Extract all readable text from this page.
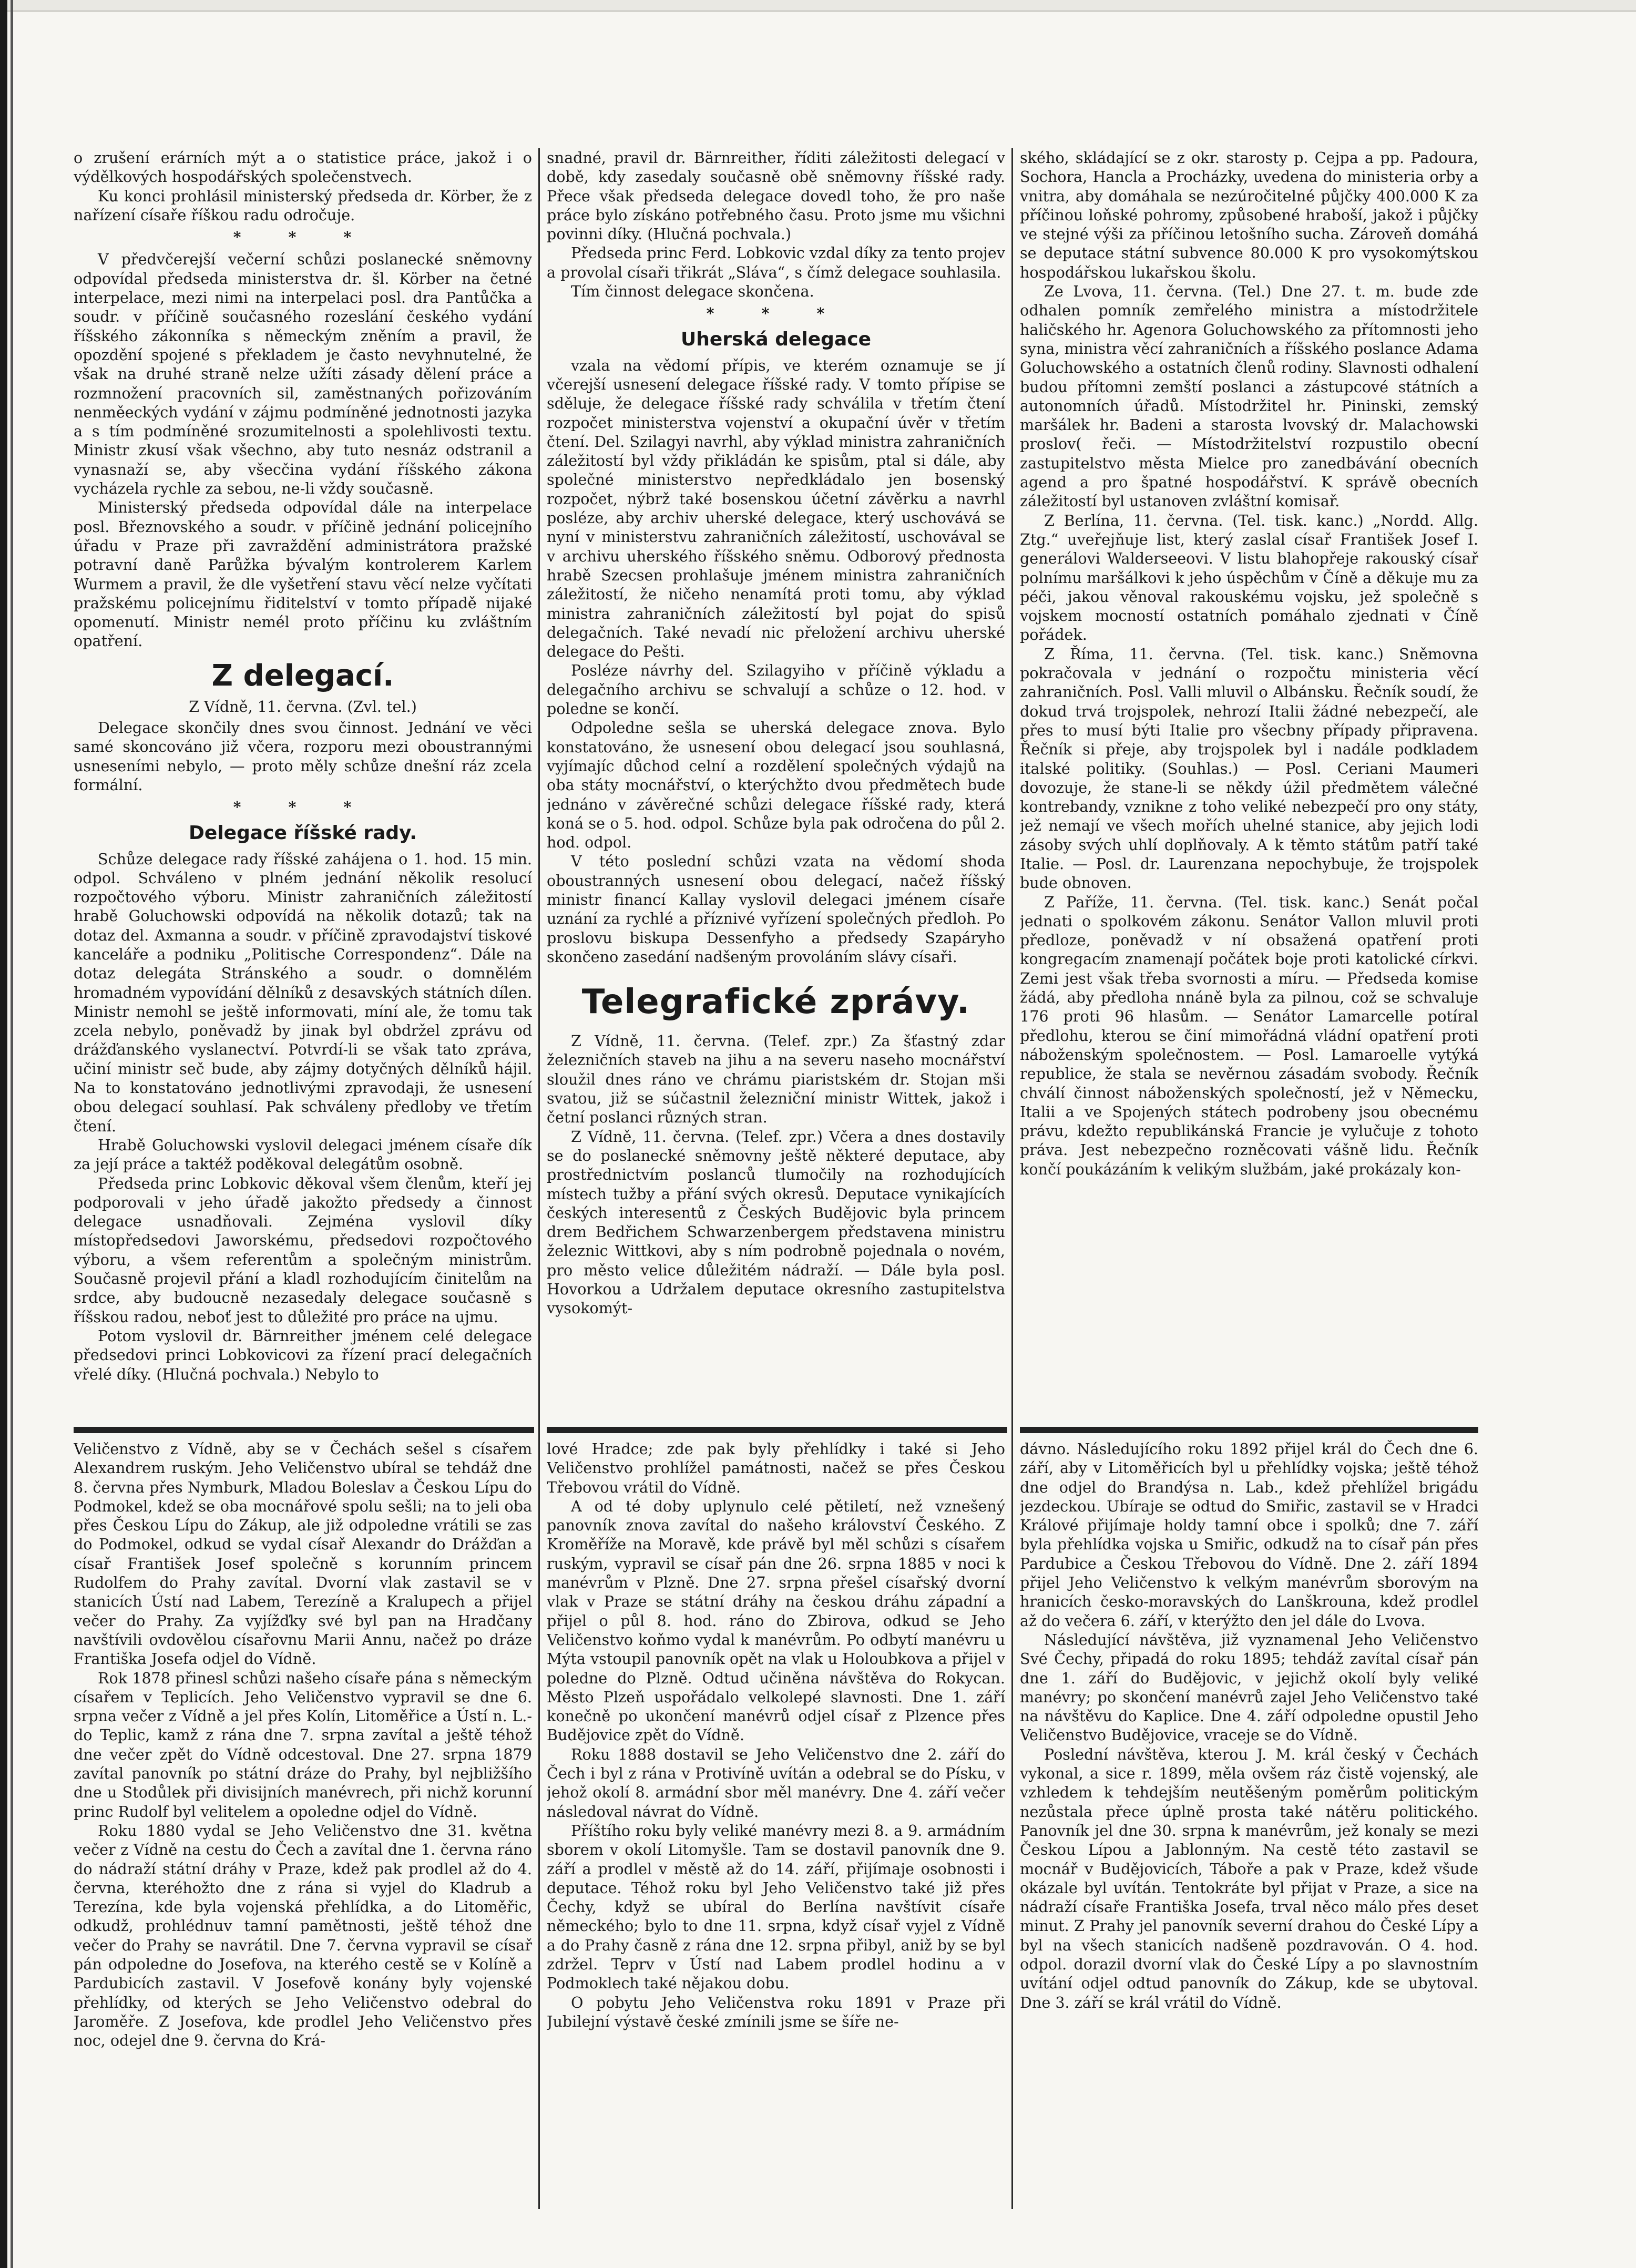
o zrušení erárních mýt a o statistice práce, jakož i o výdělkových hospodářských společenstvech.

Ku konci prohlásil ministerský předseda dr. Körber, že z nařízení císaře říškou radu odročuje.

* * *

V předvčerejší večerní schůzi poslanecké sněmovny odpovídal předseda ministerstva dr. šl. Körber na četné interpelace, mezi nimi na interpelaci posl. dra Pantůčka a soudr. v příčině současného rozeslání českého vydání říšského zákonníka s německým zněním a pravil, že opozdění spojené s překladem je často nevyhnutelné, že však na druhé straně nelze užíti zásady dělení práce a rozmnožení pracovních sil, zaměstnaných pořizováním nenměeckých vydání v zájmu podmíněné jednotnosti jazyka a s tím podmíněné srozumitelnosti a spolehlivosti textu. Ministr zkusí však všechno, aby tuto nesnáz odstranil a vynasnaží se, aby všecčina vydání říšského zákona vycházela rychle za sebou, ne-li vždy současně.

Ministerský předseda odpovídal dále na interpelace posl. Březnovského a soudr. v příčině jednání policejního úřadu v Praze při zavraždění administrátora pražské potravní daně Parůžka bývalým kontrolerem Karlem Wurmem a pravil, že dle vyšetření stavu věcí nelze vyčítati pražskému policejnímu řiditelství v tomto případě nijaké opomenutí. Ministr nemél proto příčinu ku zvláštním opatření.

Z delegací.
Z Vídně, 11. června. (Zvl. tel.)

Delegace skončily dnes svou činnost. Jednání ve věci samé skoncováno již včera, rozporu mezi oboustrannými usneseními nebylo, — proto měly schůze dnešní ráz zcela formální.

* * *
Delegace říšské rady.

Schůze delegace rady říšské zahájena o 1. hod. 15 min. odpol. Schváleno v plném jednání několik resolucí rozpočtového výboru. Ministr zahraničních záležitostí hrabě Goluchowski odpovídá na několik dotazů; tak na dotaz del. Axmanna a soudr. v příčině zpravodajství tiskové kanceláře a podniku „Politische Correspondenz“. Dále na dotaz delegáta Stránského a soudr. o domnělém hromadném vypovídání dělníků z desavských státních dílen. Ministr nemohl se ještě informovati, míní ale, že tomu tak zcela nebylo, poněvadž by jinak byl obdržel zprávu od drážďanského vyslanectví. Potvrdí-li se však tato zpráva, učiní ministr seč bude, aby zájmy dotyčných dělníků hájil. Na to konstatováno jednotlivými zpravodaji, že usnesení obou delegací souhlasí. Pak schváleny předloby ve třetím čtení.

Hrabě Goluchowski vyslovil delegaci jménem císaře dík za její práce a taktéž poděkoval delegátům osobně.

Předseda princ Lobkovic děkoval všem členům, kteří jej podporovali v jeho úřadě jakožto předsedy a činnost delegace usnadňovali. Zejména vyslovil díky místopředsedovi Jaworskému, předsedovi rozpočtového výboru, a všem referentům a společným ministrům. Současně projevil přání a kladl rozhodujícím činitelům na srdce, aby budoucně nezasedaly delegace současně s říšskou radou, neboť jest to důležité pro práce na ujmu.

Potom vyslovil dr. Bärnreither jménem celé delegace předsedovi princi Lobkovicovi za řízení prací delegačních vřelé díky. (Hlučná pochvala.) Nebylo to

snadné, pravil dr. Bärnreither, říditi záležitosti delegací v době, kdy zasedaly současně obě sněmovny říšské rady. Přece však předseda delegace dovedl toho, že pro naše práce bylo získáno potřebného času. Proto jsme mu všichni povinni díky. (Hlučná pochvala.)

Předseda princ Ferd. Lobkovic vzdal díky za tento projev a provolal císaři třikrát „Sláva“, s čímž delegace souhlasila.

Tím činnost delegace skončena.

* * *
Uherská delegace

vzala na vědomí přípis, ve kterém oznamuje se jí včerejší usnesení delegace říšské rady. V tomto přípise se sděluje, že delegace říšské rady schválila v třetím čtení rozpočet ministerstva vojenství a okupační úvěr v třetím čtení. Del. Szilagyi navrhl, aby výklad ministra zahraničních záležitostí byl vždy přikládán ke spisům, ptal si dále, aby společné ministerstvo nepředkládalo jen bosenský rozpočet, nýbrž také bosenskou účetní závěrku a navrhl posléze, aby archiv uherské delegace, který uschovává se nyní v ministerstvu zahraničních záležitostí, uschovával se v archivu uherského říšského sněmu. Odborový přednosta hrabě Szecsen prohlašuje jménem ministra zahraničních záležitostí, že ničeho nenamítá proti tomu, aby výklad ministra zahraničních záležitostí byl pojat do spisů delegačních. Také nevadí nic přeložení archivu uherské delegace do Pešti.

Posléze návrhy del. Szilagyiho v příčině výkladu a delegačního archivu se schvalují a schůze o 12. hod. v poledne se končí.

Odpoledne sešla se uherská delegace znova. Bylo konstatováno, že usnesení obou delegací jsou souhlasná, vyjímajíc důchod celní a rozdělení společných výdajů na oba státy mocnářství, o kterýchžto dvou předmětech bude jednáno v závěrečné schůzi delegace říšské rady, která koná se o 5. hod. odpol. Schůze byla pak odročena do půl 2. hod. odpol.

V této poslední schůzi vzata na vědomí shoda oboustranných usnesení obou delegací, načež říšský ministr financí Kallay vyslovil delegaci jménem císaře uznání za rychlé a příznivé vyřízení společných předloh. Po proslovu biskupa Dessenfyho a předsedy Szapáryho skončeno zasedání nadšeným provoláním slávy císaři.

Telegrafické zprávy.

Z Vídně, 11. června. (Telef. zpr.) Za šťastný zdar železničních staveb na jihu a na severu naseho mocnářství sloužil dnes ráno ve chrámu piaristském dr. Stojan mši svatou, již se súčastnil železniční ministr Wittek, jakož i četní poslanci různých stran.

Z Vídně, 11. června. (Telef. zpr.) Včera a dnes dostavily se do poslanecké sněmovny ještě některé deputace, aby prostřednictvím poslanců tlumočily na rozhodujících místech tužby a přání svých okresů. Deputace vynikajících českých interesentů z Českých Budějovic byla princem drem Bedřichem Schwarzenbergem představena ministru železnic Wittkovi, aby s ním podrobně pojednala o novém, pro město velice důležitém nádraží. — Dále byla posl. Hovorkou a Udržalem deputace okresního zastupitelstva vysokomýt-

ského, skládající se z okr. starosty p. Cejpa a pp. Padoura, Sochora, Hancla a Procházky, uvedena do ministeria orby a vnitra, aby domáhala se nezúročitelné půjčky 400.000 K za příčinou loňské pohromy, způsobené hraboší, jakož i půjčky ve stejné výši za příčinou letošního sucha. Zároveň domáhá se deputace státní subvence 80.000 K pro vysokomýtskou hospodářskou lukařskou školu.

Ze Lvova, 11. června. (Tel.) Dne 27. t. m. bude zde odhalen pomník zemřelého ministra a místodržitele haličského hr. Agenora Goluchowského za přítomnosti jeho syna, ministra věcí zahraničních a říšského poslance Adama Goluchowského a ostatních členů rodiny. Slavnosti odhalení budou přítomni zemští poslanci a zástupcové státních a autonomních úřadů. Místodržitel hr. Pininski, zemský maršálek hr. Badeni a starosta lvovský dr. Malachowski proslov( řeči. — Místodržitelství rozpustilo obecní zastupitelstvo města Mielce pro zanedbávání obecních agend a pro špatné hospodářství. K správě obecních záležitostí byl ustanoven zvláštní komisař.

Z Berlína, 11. června. (Tel. tisk. kanc.) „Nordd. Allg. Ztg.“ uveřejňuje list, který zaslal císař František Josef I. generálovi Walderseeovi. V listu blahopřeje rakouský císař polnímu maršálkovi k jeho úspěchům v Číně a děkuje mu za péči, jakou věnoval rakouskému vojsku, jež společně s vojskem mocností ostatních pomáhalo zjednati v Číně pořádek.

Z Říma, 11. června. (Tel. tisk. kanc.) Sněmovna pokračovala v jednání o rozpočtu ministeria věcí zahraničních. Posl. Valli mluvil o Albánsku. Řečník soudí, že dokud trvá trojspolek, nehrozí Italii žádné nebezpečí, ale přes to musí býti Italie pro všecbny případy připravena. Řečník si přeje, aby trojspolek byl i nadále podkladem italské politiky. (Souhlas.) — Posl. Ceriani Maumeri dovozuje, že stane-li se někdy úžil předmětem válečné kontrebandy, vznikne z toho veliké nebezpečí pro ony státy, jež nemají ve všech mořích uhelné stanice, aby jejich lodi zásoby svých uhlí doplňovaly. A k těmto státům patří také Italie. — Posl. dr. Laurenzana nepochybuje, že trojspolek bude obnoven.

Z Paříže, 11. června. (Tel. tisk. kanc.) Senát počal jednati o spolkovém zákonu. Senátor Vallon mluvil proti předloze, poněvadž v ní obsažená opatření proti kongregacím znamenají počátek boje proti katolické církvi. Zemi jest však třeba svornosti a míru. — Předseda komise žádá, aby předloha nnáně byla za pilnou, což se schvaluje 176 proti 96 hlasům. — Senátor Lamarcelle potíral předlohu, kterou se činí mimořádná vládní opatření proti náboženským společnostem. — Posl. Lamaroelle vytýká republice, že stala se nevěrnou zásadám svobody. Řečník chválí činnost náboženských společností, jež v Německu, Italii a ve Spojených státech podrobeny jsou obecnému právu, kdežto republikánská Francie je vylučuje z tohoto práva. Jest nebezpečno rozněcovati vášně lidu. Řečník končí poukázáním k velikým službám, jaké prokázaly kon-

Veličenstvo z Vídně, aby se v Čechách sešel s císařem Alexandrem ruským. Jeho Veličenstvo ubíral se tehdáž dne 8. června přes Nymburk, Mladou Boleslav a Českou Lípu do Podmokel, kdež se oba mocnářové spolu sešli; na to jeli oba přes Českou Lípu do Zákup, ale již odpoledne vrátili se zas do Podmokel, odkud se vydal císař Alexandr do Drážďan a císař František Josef společně s korunním princem Rudolfem do Prahy zavítal. Dvorní vlak zastavil se v stanicích Ústí nad Labem, Terezíně a Kralupech a přijel večer do Prahy. Za vyjížďky své byl pan na Hradčany navštívili ovdovělou císařovnu Marii Annu, načež po dráze Františka Josefa odjel do Vídně.

Rok 1878 přinesl schůzi našeho císaře pána s německým císařem v Teplicích. Jeho Veličenstvo vypravil se dne 6. srpna večer z Vídně a jel přes Kolín, Litoměřice a Ústí n. L.-do Teplic, kamž z rána dne 7. srpna zavítal a ještě téhož dne večer zpět do Vídně odcestoval. Dne 27. srpna 1879 zavítal panovník po státní dráze do Prahy, byl nejbližšího dne u Stodůlek při divisijních manévrech, při nichž korunní princ Rudolf byl velitelem a opoledne odjel do Vídně.

Roku 1880 vydal se Jeho Veličenstvo dne 31. května večer z Vídně na cestu do Čech a zavítal dne 1. června ráno do nádraží státní dráhy v Praze, kdež pak prodlel až do 4. června, kteréhožto dne z rána si vyjel do Kladrub a Terezína, kde byla vojenská přehlídka, a do Litoměřic, odkudž, prohlédnuv tamní pamětnosti, ještě téhož dne večer do Prahy se navrátil. Dne 7. června vypravil se císař pán odpoledne do Josefova, na kterého cestě se v Kolíně a Pardubicích zastavil. V Josefově konány byly vojenské přehlídky, od kterých se Jeho Veličenstvo odebral do Jaroměře. Z Josefova, kde prodlel Jeho Veličenstvo přes noc, odejel dne 9. června do Krá-

lové Hradce; zde pak byly přehlídky i také si Jeho Veličenstvo prohlížel památnosti, načež se přes Českou Třebovou vrátil do Vídně.

A od té doby uplynulo celé pětiletí, než vznešený panovník znova zavítal do našeho království Českého. Z Kroměříže na Moravě, kde právě byl měl schůzi s císařem ruským, vypravil se císař pán dne 26. srpna 1885 v noci k manévrům v Plzně. Dne 27. srpna přešel císařský dvorní vlak v Praze se státní dráhy na českou dráhu západní a přijel o půl 8. hod. ráno do Zbirova, odkud se Jeho Veličenstvo koňmo vydal k manévrům. Po odbytí manévru u Mýta vstoupil panovník opět na vlak u Holoubkova a přijel v poledne do Plzně. Odtud učiněna návštěva do Rokycan. Město Plzeň uspořádalo velkolepé slavnosti. Dne 1. září konečně po ukončení manévrů odjel císař z Plzence přes Budějovice zpět do Vídně.

Roku 1888 dostavil se Jeho Veličenstvo dne 2. září do Čech i byl z rána v Protivíně uvítán a odebral se do Písku, v jehož okolí 8. armádní sbor měl manévry. Dne 4. září večer následoval návrat do Vídně.

Příštího roku byly veliké manévry mezi 8. a 9. armádním sborem v okolí Litomyšle. Tam se dostavil panovník dne 9. září a prodlel v městě až do 14. září, přijímaje osobnosti i deputace. Téhož roku byl Jeho Veličenstvo také již přes Čechy, když se ubíral do Berlína navštívit císaře německého; bylo to dne 11. srpna, když císař vyjel z Vídně a do Prahy časně z rána dne 12. srpna přibyl, aniž by se byl zdržel. Teprv v Ústí nad Labem prodlel hodinu a v Podmoklech také nějakou dobu.

O pobytu Jeho Veličenstva roku 1891 v Praze při Jubilejní výstavě české zmínili jsme se šíře ne-

dávno. Následujícího roku 1892 přijel král do Čech dne 6. září, aby v Litoměřicích byl u přehlídky vojska; ještě téhož dne odjel do Brandýsa n. Lab., kdež přehlížel brigádu jezdeckou. Ubíraje se odtud do Smiřic, zastavil se v Hradci Králové přijímaje holdy tamní obce i spolků; dne 7. září byla přehlídka vojska u Smiřic, odkudž na to císař pán přes Pardubice a Českou Třebovou do Vídně. Dne 2. září 1894 přijel Jeho Veličenstvo k velkým manévrům sborovým na hranicích česko-moravských do Lanškrouna, kdež prodlel až do večera 6. září, v kterýžto den jel dále do Lvova.

Následující návštěva, již vyznamenal Jeho Veličenstvo Své Čechy, připadá do roku 1895; tehdáž zavítal císař pán dne 1. září do Budějovic, v jejichž okolí byly veliké manévry; po skončení manévrů zajel Jeho Veličenstvo také na návštěvu do Kaplice. Dne 4. září odpoledne opustil Jeho Veličenstvo Budějovice, vraceje se do Vídně.

Poslední návštěva, kterou J. M. král český v Čechách vykonal, a sice r. 1899, měla ovšem ráz čistě vojenský, ale vzhledem k tehdejším neutěšeným poměrům politickým nezůstala přece úplně prosta také nátěru politického. Panovník jel dne 30. srpna k manévrům, jež konaly se mezi Českou Lípou a Jablonným. Na cestě této zastavil se mocnář v Budějovicích, Táboře a pak v Praze, kdež všude okázale byl uvítán. Tentokráte byl přijat v Praze, a sice na nádraží císaře Františka Josefa, trval něco málo přes deset minut. Z Prahy jel panovník severní drahou do České Lípy a byl na všech stanicích nadšeně pozdravován. O 4. hod. odpol. dorazil dvorní vlak do České Lípy a po slavnostním uvítání odjel odtud panovník do Zákup, kde se ubytoval. Dne 3. září se král vrátil do Vídně.
